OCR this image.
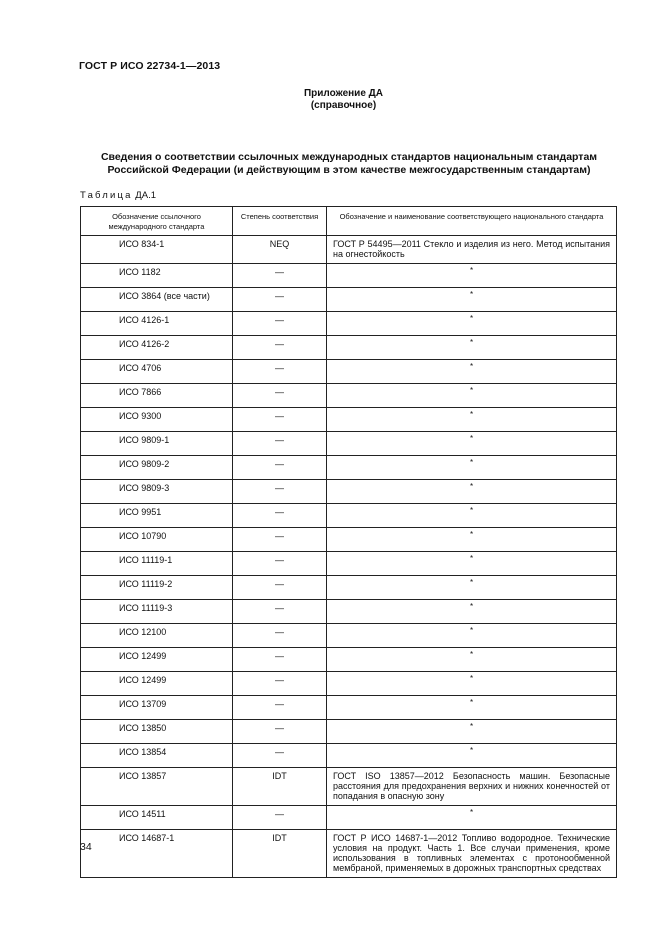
ГОСТ Р ИСО 22734-1—2013
Приложение ДА
(справочное)
Сведения о соответствии ссылочных международных стандартов национальным стандартам
Российской Федерации (и действующим в этом качестве межгосударственным стандартам)
Таблица ДА.1
Обозначение ссылочного международного стандарта	Степень соответствия	Обозначение и наименование соответствующего национального стандарта
ИСО 834-1	NEQ	ГОСТ Р 54495—2011 Стекло и изделия из него. Метод испытания на огнестойкость
ИСО 1182	—	*
ИСО 3864 (все части)	—	*
ИСО 4126-1	—	*
ИСО 4126-2	—	*
ИСО 4706	—	*
ИСО 7866	—	*
ИСО 9300	—	*
ИСО 9809-1	—	*
ИСО 9809-2	—	*
ИСО 9809-3	—	*
ИСО 9951	—	*
ИСО 10790	—	*
ИСО 11119-1	—	*
ИСО 11119-2	—	*
ИСО 11119-3	—	*
ИСО 12100	—	*
ИСО 12499	—	*
ИСО 12499	—	*
ИСО 13709	—	*
ИСО 13850	—	*
ИСО 13854	—	*
ИСО 13857	IDT	ГОСТ ISO 13857—2012 Безопасность машин. Безопасные расстояния для предохранения верхних и нижних конечностей от попадания в опасную зону
ИСО 14511	—	*
ИСО 14687-1	IDT	ГОСТ Р ИСО 14687-1—2012 Топливо водородное. Технические условия на продукт. Часть 1. Все случаи применения, кроме использования в топливных элементах с протонообменной мембраной, применяемых в дорожных транспортных средствах
34
